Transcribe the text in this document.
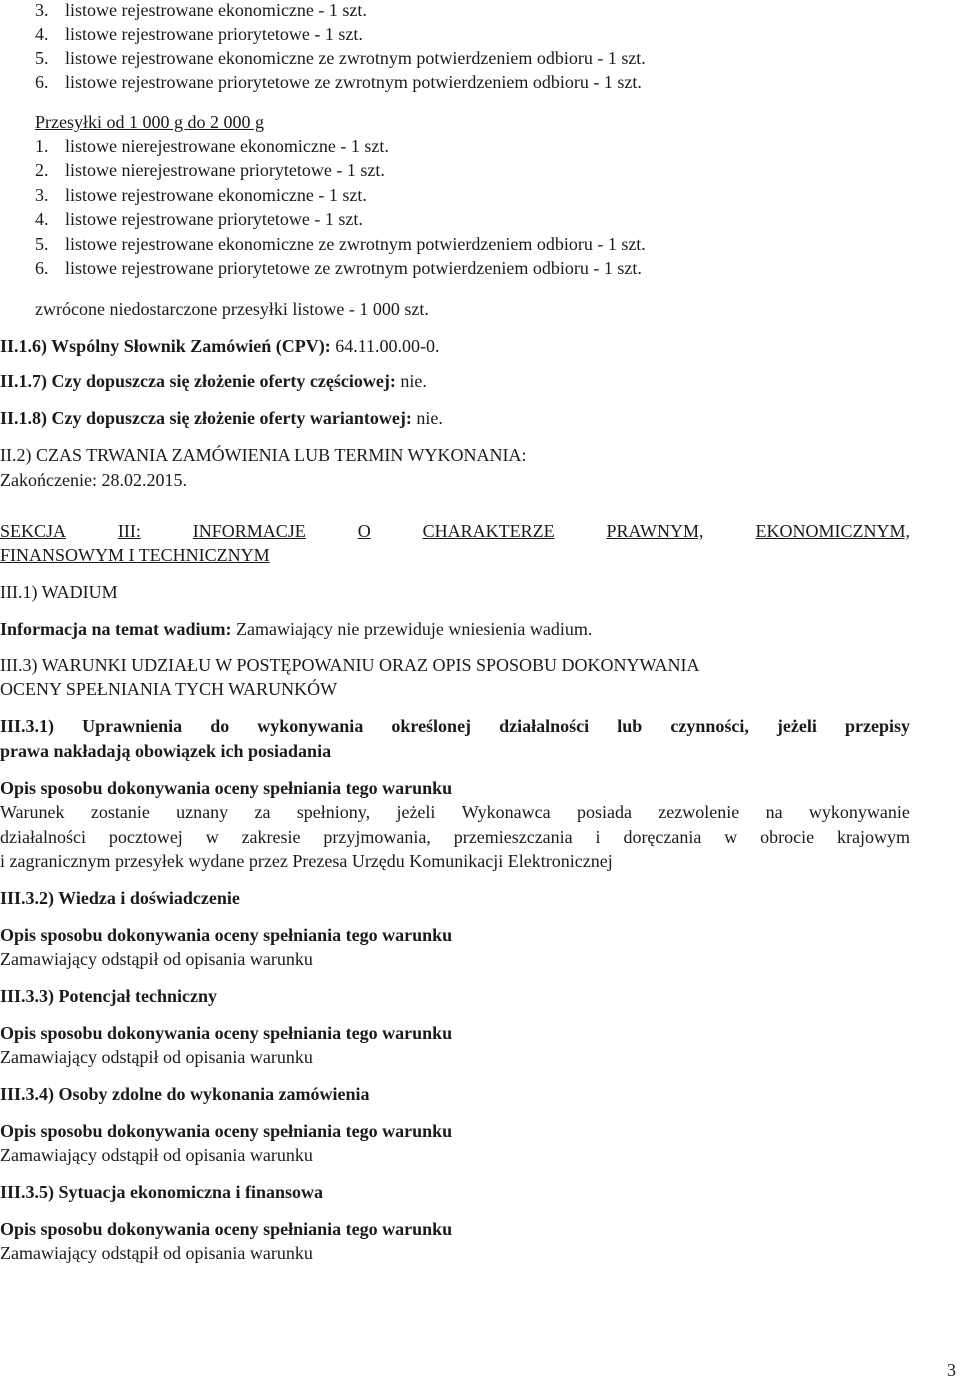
3. listowe rejestrowane ekonomiczne - 1 szt.

4. listowe rejestrowane priorytetowe - 1 szt.

5. listowe rejestrowane ekonomiczne ze zwrotnym potwierdzeniem odbioru - 1 szt.

6. listowe rejestrowane priorytetowe ze zwrotnym potwierdzeniem odbioru - 1 szt.

Przesyłki od 1 000 g do 2 000 g

1. listowe nierejestrowane ekonomiczne - 1 szt.

2. listowe nierejestrowane priorytetowe - 1 szt.

3. listowe rejestrowane ekonomiczne - 1 szt.

4. listowe rejestrowane priorytetowe - 1 szt.

5. listowe rejestrowane ekonomiczne ze zwrotnym potwierdzeniem odbioru - 1 szt.

6. listowe rejestrowane priorytetowe ze zwrotnym potwierdzeniem odbioru - 1 szt.

zwrócone niedostarczone przesyłki listowe - 1 000 szt.

II.1.6) Wspólny Słownik Zamówień (CPV): 64.11.00.00-0.

II.1.7) Czy dopuszcza się złożenie oferty częściowej: nie.

II.1.8) Czy dopuszcza się złożenie oferty wariantowej: nie.

II.2) CZAS TRWANIA ZAMÓWIENIA LUB TERMIN WYKONANIA:

Zakończenie: 28.02.2015.

SEKCJA	III:	INFORMACJE	O	CHARAKTERZE	PRAWNYM,	EKONOMICZNYM,

FINANSOWYM I TECHNICZNYM

III.1) WADIUM

Informacja na temat wadium: Zamawiający nie przewiduje wniesienia wadium.

III.3) WARUNKI UDZIAŁU W POSTĘPOWANIU ORAZ OPIS SPOSOBU DOKONYWANIA

OCENY SPEŁNIANIA TYCH WARUNKÓW

III.3.1) Uprawnienia do wykonywania określonej działalności lub czynności, jeżeli przepisy

prawa nakładają obowiązek ich posiadania

Opis sposobu dokonywania oceny spełniania tego warunku

Warunek zostanie uznany za spełniony, jeżeli Wykonawca posiada zezwolenie na wykonywanie
działalności pocztowej w zakresie przyjmowania, przemieszczania i doręczania w obrocie krajowym

i zagranicznym przesyłek wydane przez Prezesa Urzędu Komunikacji Elektronicznej

III.3.2) Wiedza i doświadczenie

Opis sposobu dokonywania oceny spełniania tego warunku

Zamawiający odstąpił od opisania warunku

III.3.3) Potencjał techniczny

Opis sposobu dokonywania oceny spełniania tego warunku

Zamawiający odstąpił od opisania warunku

III.3.4) Osoby zdolne do wykonania zamówienia

Opis sposobu dokonywania oceny spełniania tego warunku

Zamawiający odstąpił od opisania warunku

III.3.5) Sytuacja ekonomiczna i finansowa

Opis sposobu dokonywania oceny spełniania tego warunku

Zamawiający odstąpił od opisania warunku

3
